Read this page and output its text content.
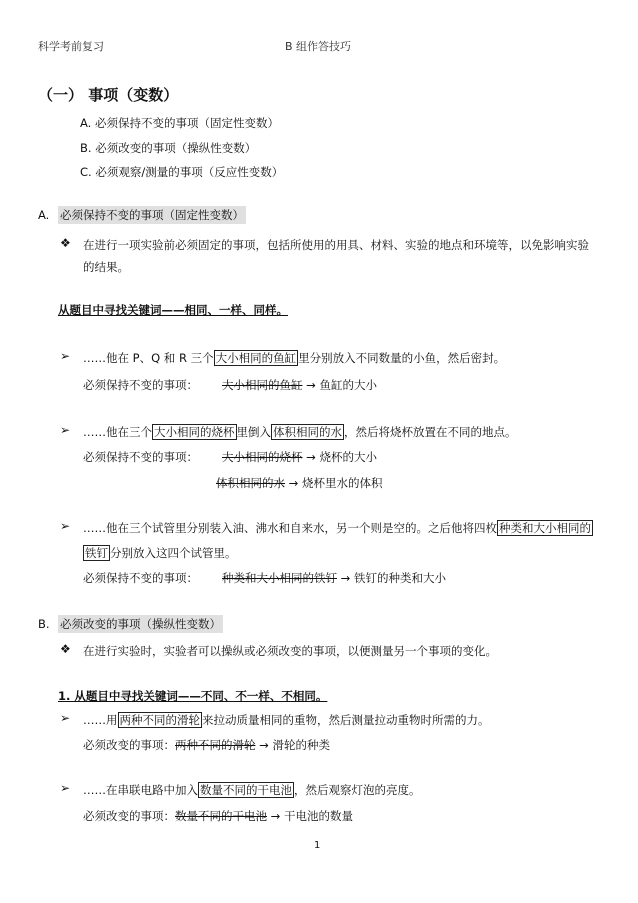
科学考前复习	B 组作答技巧
（一） 事项（变数）
A. 必须保持不变的事项（固定性变数）
B. 必须改变的事项（操纵性变数）
C. 必须观察/测量的事项（反应性变数）
A. 必须保持不变的事项（固定性变数）
❖ 在进行一项实验前必须固定的事项，包括所使用的用具、材料、实验的地点和环境等，以免影响实验
的结果。
从题目中寻找关键词——相同、一样、同样。
➢ ……他在 P、Q 和 R 三个 大小相同的鱼缸 里分别放入不同数量的小鱼，然后密封。
必须保持不变的事项： 大小相同的鱼缸 → 鱼缸的大小
➢ ……他在三个 大小相同的烧杯 里倒入 体积相同的水 ，然后将烧杯放置在不同的地点。
必须保持不变的事项： 大小相同的烧杯 → 烧杯的大小
体积相同的水 → 烧杯里水的体积
➢ ……他在三个试管里分别装入油、沸水和自来水，另一个则是空的。之后他将四枚 种类和大小相同的
铁钉 分别放入这四个试管里。
必须保持不变的事项： 种类和大小相同的铁钉 → 铁钉的种类和大小
B. 必须改变的事项（操纵性变数）
❖ 在进行实验时，实验者可以操纵或必须改变的事项，以便测量另一个事项的变化。
1. 从题目中寻找关键词——不同、不一样、不相同。
➢ ……用 两种不同的滑轮 来拉动质量相同的重物，然后测量拉动重物时所需的力。
必须改变的事项：两种不同的滑轮 → 滑轮的种类
➢ ……在串联电路中加入 数量不同的干电池 ，然后观察灯泡的亮度。
必须改变的事项：数量不同的干电池 → 干电池的数量
1
